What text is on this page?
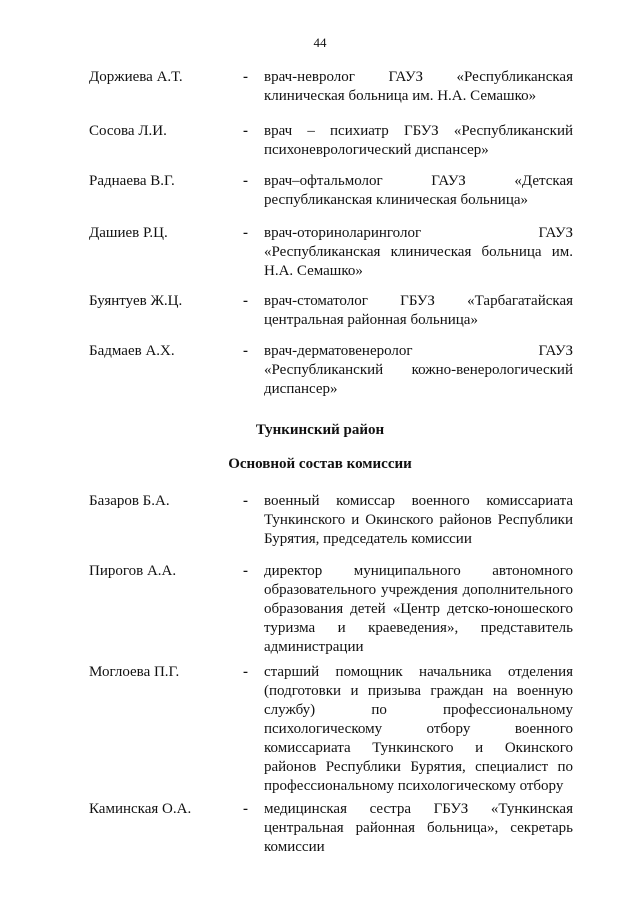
44
Доржиева А.Т.	- врач-невролог ГАУЗ «Республиканская клиническая больница им. Н.А. Семашко»
Сосова Л.И.	- врач – психиатр ГБУЗ «Республиканский психоневрологический диспансер»
Раднаева В.Г.	- врач–офтальмолог ГАУЗ «Детская республиканская клиническая больница»
Дашиев Р.Ц.	- врач-оториноларинголог ГАУЗ «Республиканская клиническая больница им. Н.А. Семашко»
Буянтуев Ж.Ц.	- врач-стоматолог ГБУЗ «Тарбагатайская центральная районная больница»
Бадмаев А.Х.	- врач-дерматовенеролог ГАУЗ «Республиканский кожно-венерологический диспансер»
Тункинский район
Основной состав комиссии
Базаров Б.А.	- военный комиссар военного комиссариата Тункинского и Окинского районов Республики Бурятия, председатель комиссии
Пирогов А.А.	- директор муниципального автономного образовательного учреждения дополнительного образования детей «Центр детско-юношеского туризма и краеведения», представитель администрации
Моглоева П.Г.	- старший помощник начальника отделения (подготовки и призыва граждан на военную службу) по профессиональному психологическому отбору военного комиссариата Тункинского и Окинского районов Республики Бурятия, специалист по профессиональному психологическому отбору
Каминская О.А.	- медицинская сестра ГБУЗ «Тункинская центральная районная больница», секретарь комиссии
